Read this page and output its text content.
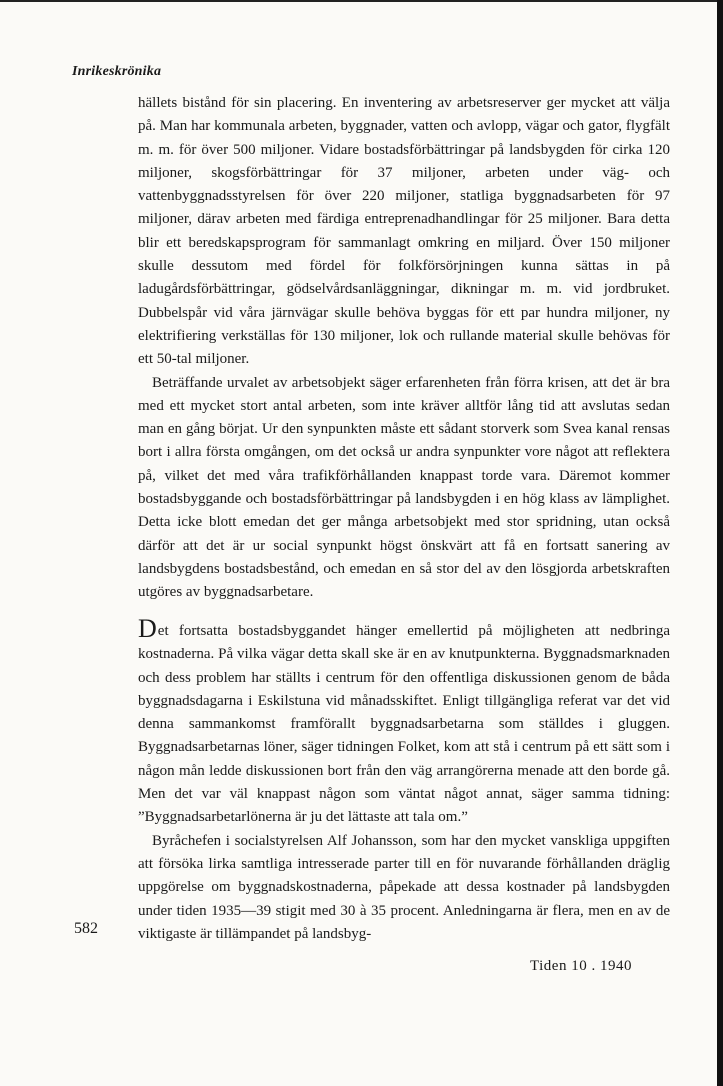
Inrikeskrönika

hällets bistånd för sin placering. En inventering av arbetsreserver ger mycket att välja på. Man har kommunala arbeten, byggnader, vatten och avlopp, vägar och gator, flygfält m. m. för över 500 miljoner. Vidare bostadsförbättringar på landsbygden för cirka 120 miljoner, skogsförbättringar för 37 miljoner, arbeten under väg- och vattenbyggnadsstyrelsen för över 220 miljoner, statliga byggnadsarbeten för 97 miljoner, därav arbeten med färdiga entreprenadhandlingar för 25 miljoner. Bara detta blir ett beredskapsprogram för sammanlagt omkring en miljard. Över 150 miljoner skulle dessutom med fördel för folkförsörjningen kunna sättas in på ladugårdsförbättringar, gödselvårdsanläggningar, dikningar m. m. vid jordbruket. Dubbelspår vid våra järnvägar skulle behöva byggas för ett par hundra miljoner, ny elektrifiering verkställas för 130 miljoner, lok och rullande material skulle behövas för ett 50-tal miljoner.

Beträffande urvalet av arbetsobjekt säger erfarenheten från förra krisen, att det är bra med ett mycket stort antal arbeten, som inte kräver alltför lång tid att avslutas sedan man en gång börjat. Ur den synpunkten måste ett sådant storverk som Svea kanal rensas bort i allra första omgången, om det också ur andra synpunkter vore något att reflektera på, vilket det med våra trafikförhållanden knappast torde vara. Däremot kommer bostadsbyggande och bostadsförbättringar på landsbygden i en hög klass av lämplighet. Detta icke blott emedan det ger många arbetsobjekt med stor spridning, utan också därför att det är ur social synpunkt högst önskvärt att få en fortsatt sanering av landsbygdens bostadsbestånd, och emedan en så stor del av den lösgjorda arbetskraften utgöres av byggnadsarbetare.

Det fortsatta bostadsbyggandet hänger emellertid på möjligheten att nedbringa kostnaderna. På vilka vägar detta skall ske är en av knutpunkterna. Byggnadsmarknaden och dess problem har ställts i centrum för den offentliga diskussionen genom de båda byggnadsdagarna i Eskilstuna vid månadsskiftet. Enligt tillgängliga referat var det vid denna sammankomst framförallt byggnadsarbetarna som ställdes i gluggen. Byggnadsarbetarnas löner, säger tidningen Folket, kom att stå i centrum på ett sätt som i någon mån ledde diskussionen bort från den väg arrangörerna menade att den borde gå. Men det var väl knappast någon som väntat något annat, säger samma tidning: ”Byggnadsarbetarlönerna är ju det lättaste att tala om.”

Byråchefen i socialstyrelsen Alf Johansson, som har den mycket vanskliga uppgiften att försöka lirka samtliga intresserade parter till en för nuvarande förhållanden dräglig uppgörelse om byggnadskostnaderna, påpekade att dessa kostnader på landsbygden under tiden 1935—39 stigit med 30 à 35 procent. Anledningarna är flera, men en av de viktigaste är tillämpandet på landsbyg-

582
Tiden 10 . 1940
